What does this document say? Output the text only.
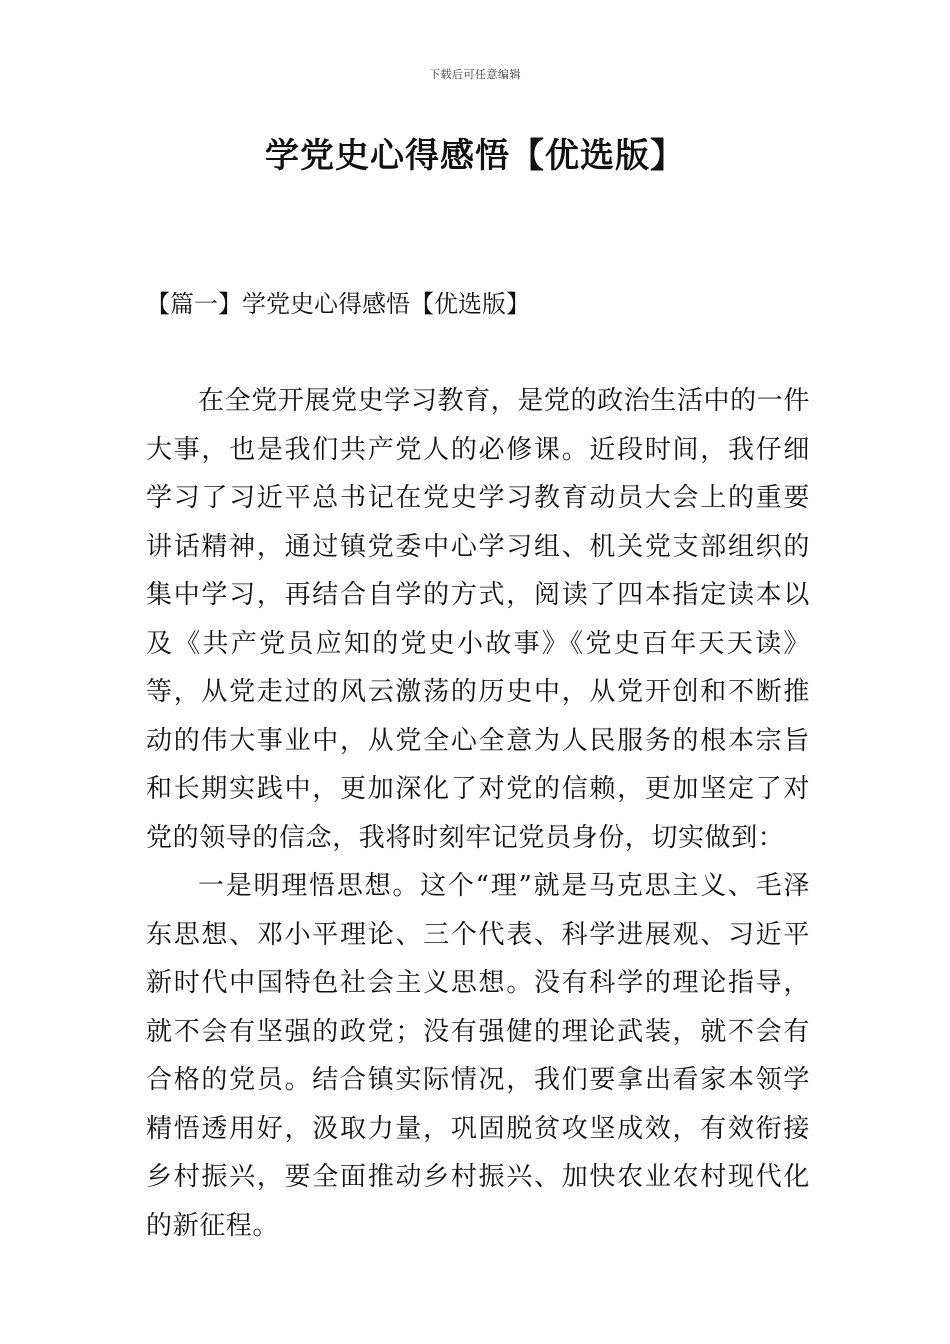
下载后可任意编辑
学党史心得感悟【优选版】
【篇一】学党史心得感悟【优选版】

在全党开展党史学习教育，是党的政治生活中的一件大事，也是我们共产党人的必修课。近段时间，我仔细学习了习近平总书记在党史学习教育动员大会上的重要讲话精神，通过镇党委中心学习组、机关党支部组织的集中学习，再结合自学的方式，阅读了四本指定读本以及《共产党员应知的党史小故事》《党史百年天天读》等，从党走过的风云激荡的历史中，从党开创和不断推动的伟大事业中，从党全心全意为人民服务的根本宗旨和长期实践中，更加深化了对党的信赖，更加坚定了对党的领导的信念，我将时刻牢记党员身份，切实做到：

一是明理悟思想。这个“理”就是马克思主义、毛泽东思想、邓小平理论、三个代表、科学进展观、习近平新时代中国特色社会主义思想。没有科学的理论指导，就不会有坚强的政党；没有强健的理论武装，就不会有合格的党员。结合镇实际情况，我们要拿出看家本领学精悟透用好，汲取力量，巩固脱贫攻坚成效，有效衔接乡村振兴，要全面推动乡村振兴、加快农业农村现代化的新征程。
